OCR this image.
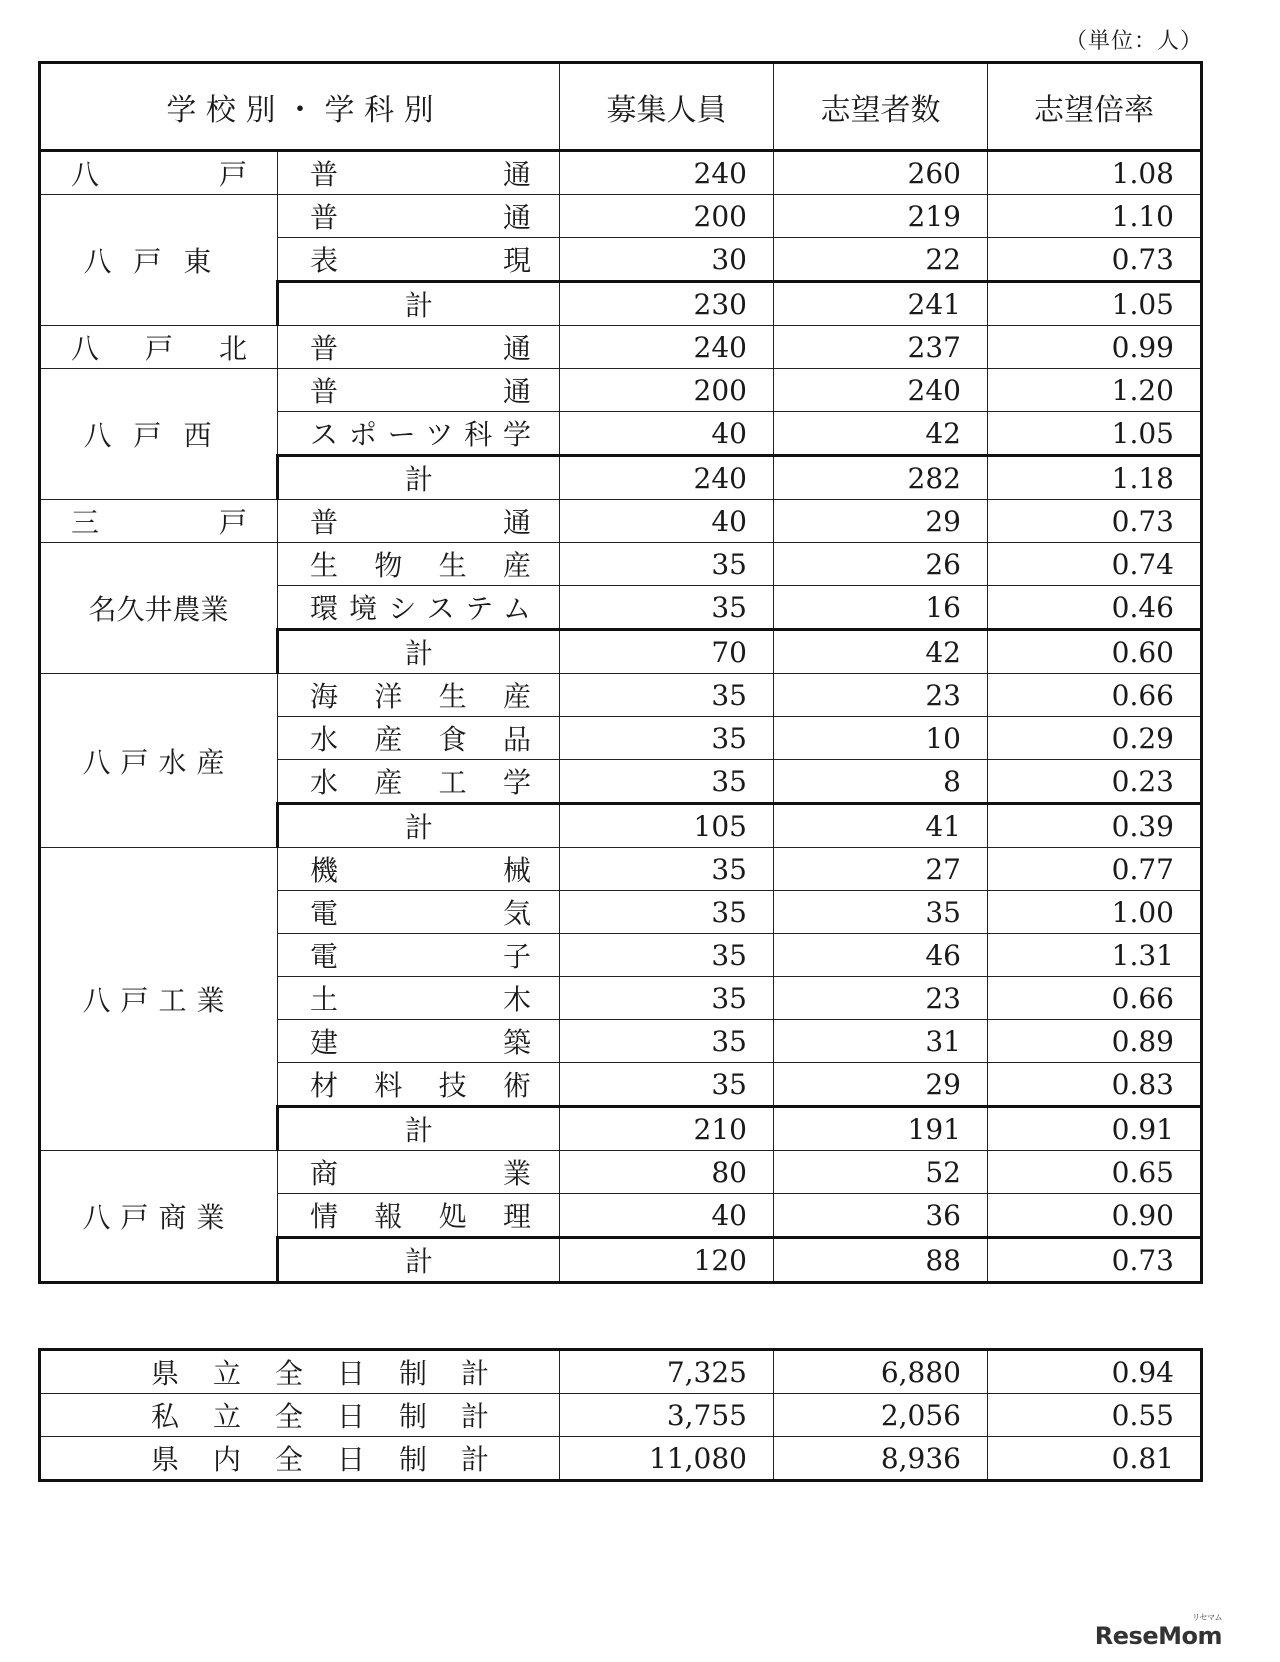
（単位：人）
学 校 別 ・ 学 科 別		募集人員	志望者数	志望倍率
八戸	普通	240	260	1.08
八戸東	普通	200	219	1.10
	表現	30	22	0.73
	計	230	241	1.05
八戸北	普通	240	237	0.99
八戸西	普通	200	240	1.20
	スポーツ科学	40	42	1.05
	計	240	282	1.18
三戸	普通	40	29	0.73
名久井農業	生物生産	35	26	0.74
	環境システム	35	16	0.46
	計	70	42	0.60
八戸水産	海洋生産	35	23	0.66
	水産食品	35	10	0.29
	水産工学	35	8	0.23
	計	105	41	0.39
八戸工業	機械	35	27	0.77
	電気	35	35	1.00
	電子	35	46	1.31
	土木	35	23	0.66
	建築	35	31	0.89
	材料技術	35	29	0.83
	計	210	191	0.91
八戸商業	商業	80	52	0.65
	情報処理	40	36	0.90
	計	120	88	0.73
県立全日制計	7,325	6,880	0.94
私立全日制計	3,755	2,056	0.55
県内全日制計	11,080	8,936	0.81
ReseMom
リセマム
